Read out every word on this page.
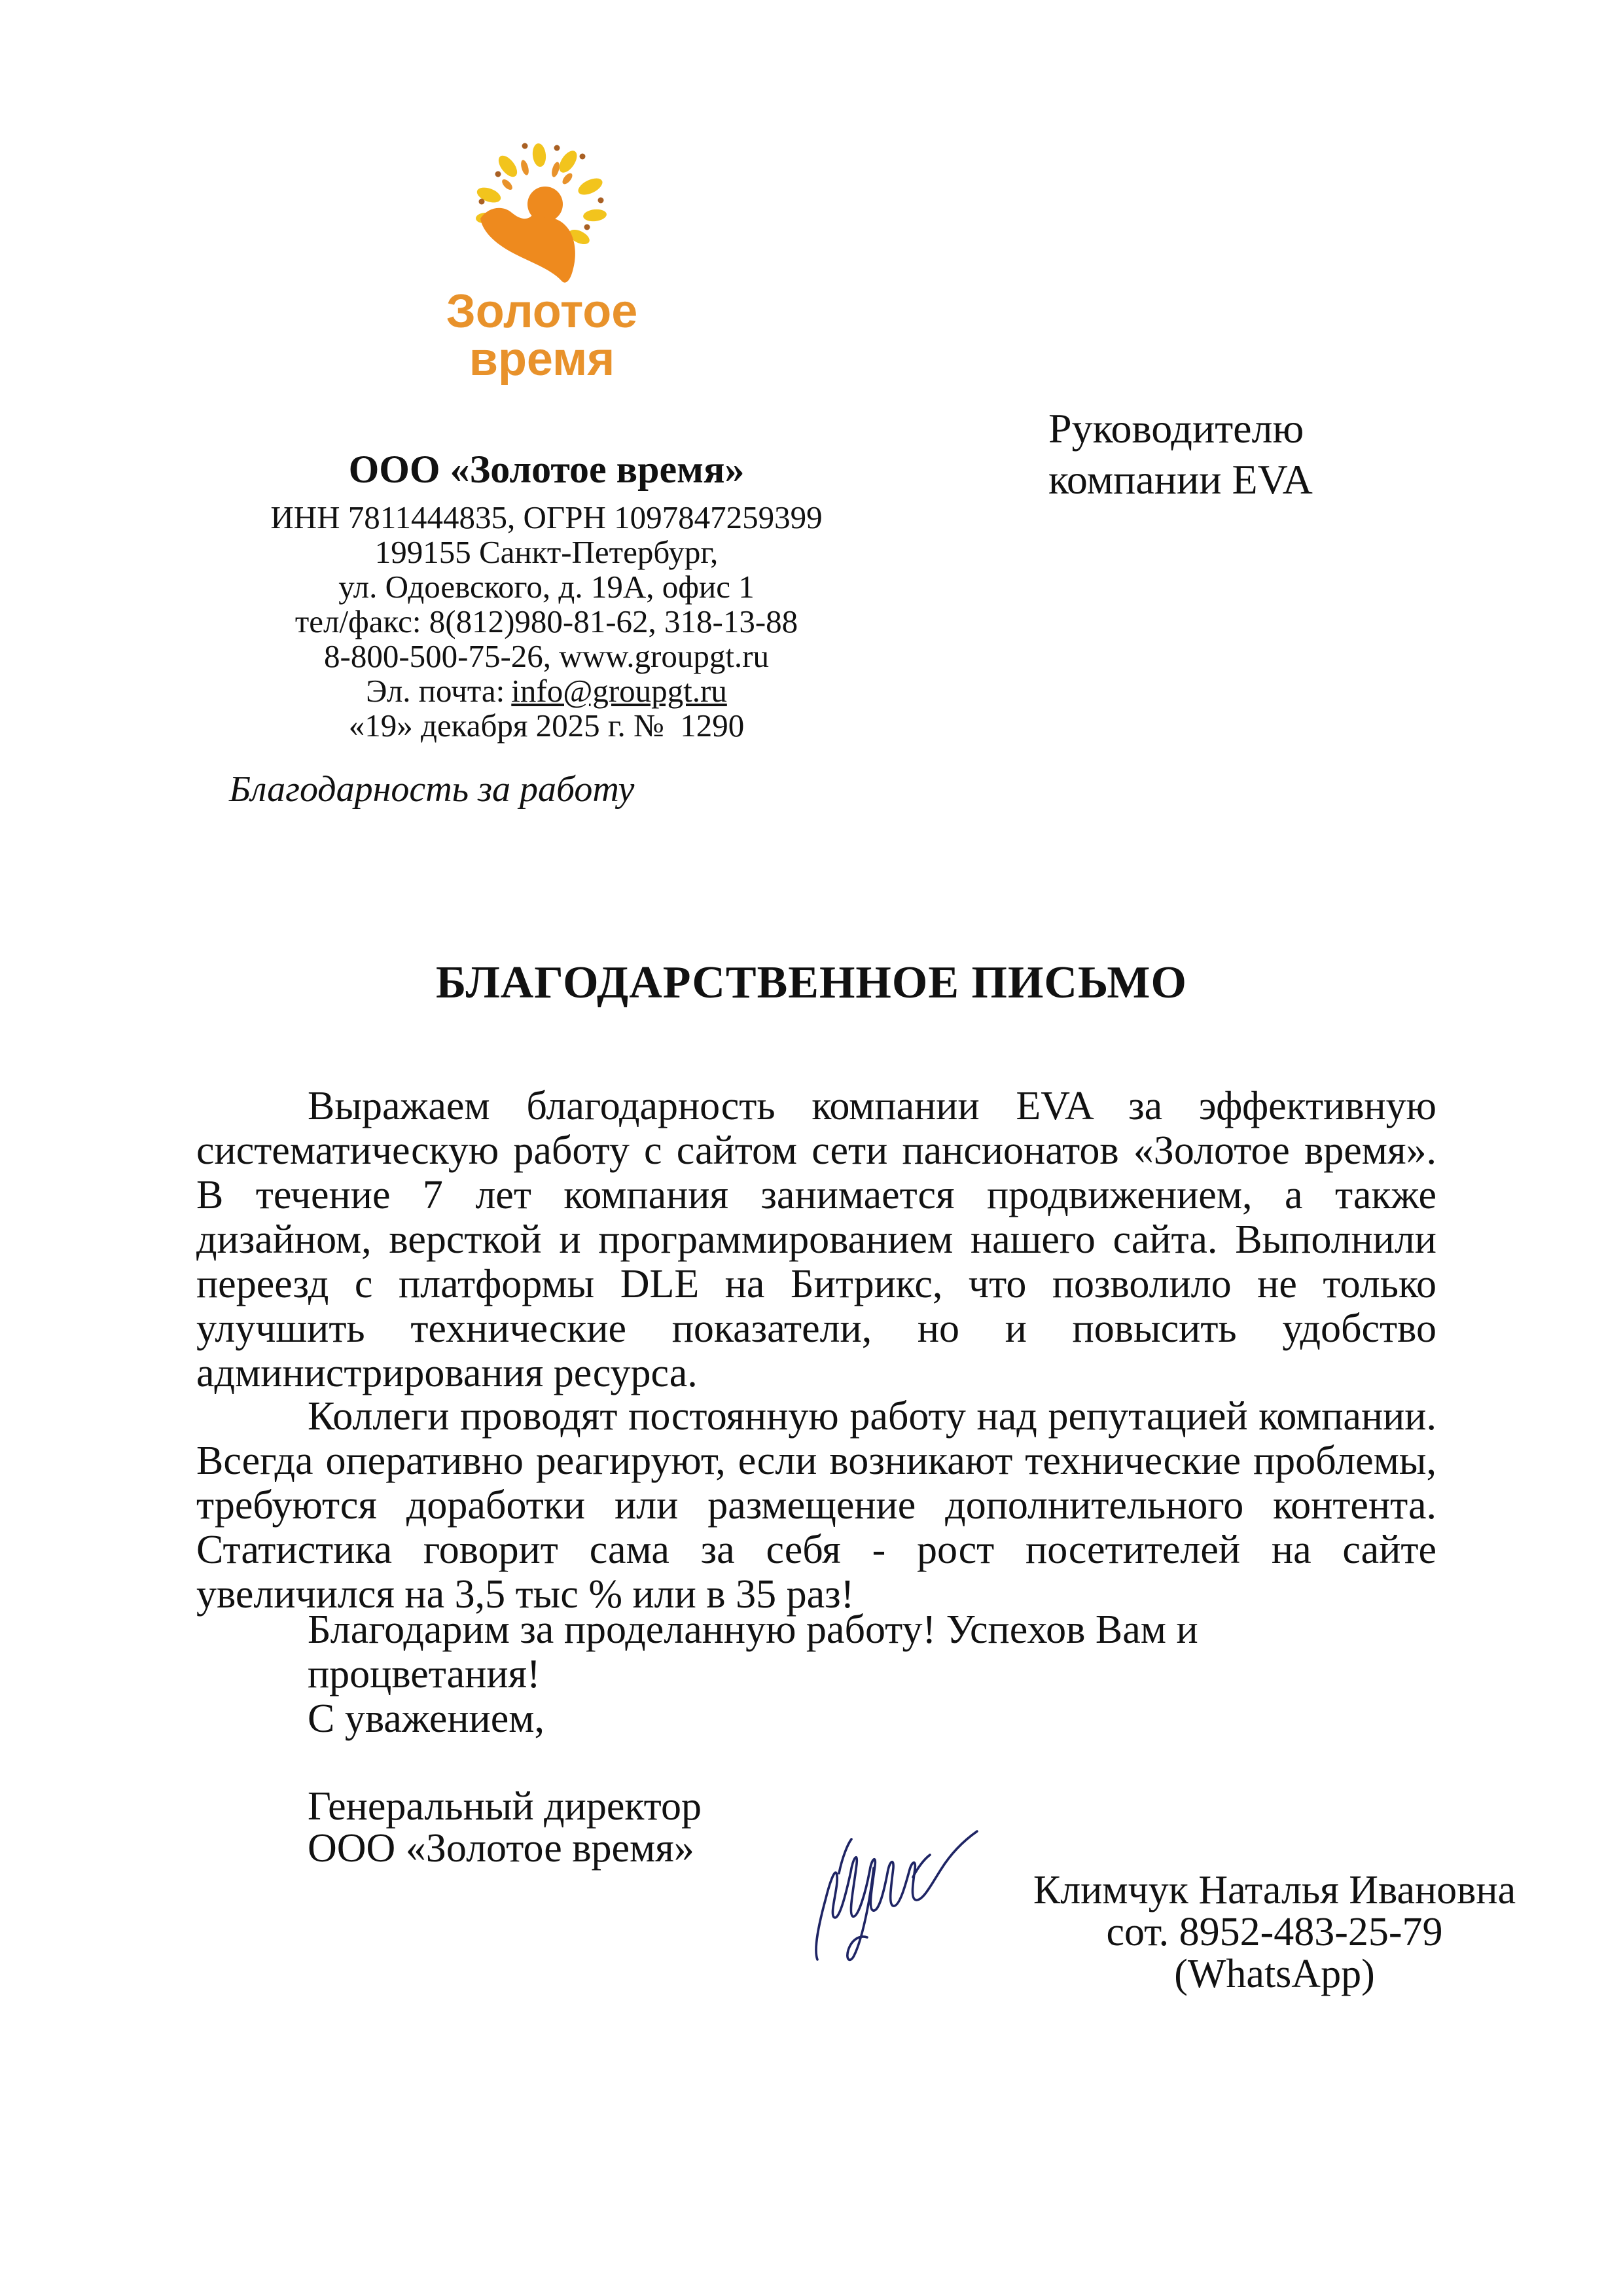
Золотое
время
Руководителю
компании EVA
ООО «Золотое время»
ИНН 7811444835, ОГРН 1097847259399
199155 Санкт-Петербург,
ул. Одоевского, д. 19А, офис 1
тел/факс: 8(812)980-81-62, 318-13-88
8-800-500-75-26, www.groupgt.ru
Эл. почта: info@groupgt.ru
«19» декабря 2025 г. №  1290
Благодарность за работу
БЛАГОДАРСТВЕННОЕ ПИСЬМО

Выражаем благодарность компании EVA за эффективную систематическую работу с сайтом сети пансионатов «Золотое время». В течение 7 лет компания занимается продвижением, а также дизайном, версткой и программированием нашего сайта. Выполнили переезд с платформы DLE на Битрикс, что позволило не только улучшить технические показатели, но и повысить удобство администрирования ресурса.

Коллеги проводят постоянную работу над репутацией компании. Всегда оперативно реагируют, если возникают технические проблемы, требуются доработки или размещение дополнительного контента. Статистика говорит сама за себя - рост посетителей на сайте увеличился на 3,5 тыс % или в 35 раз!

Благодарим за проделанную работу! Успехов Вам и процветания!
С уважением,
Генеральный директор
ООО «Золотое время»
Климчук Наталья Ивановна
сот. 8952-483-25-79 (WhatsApp)
